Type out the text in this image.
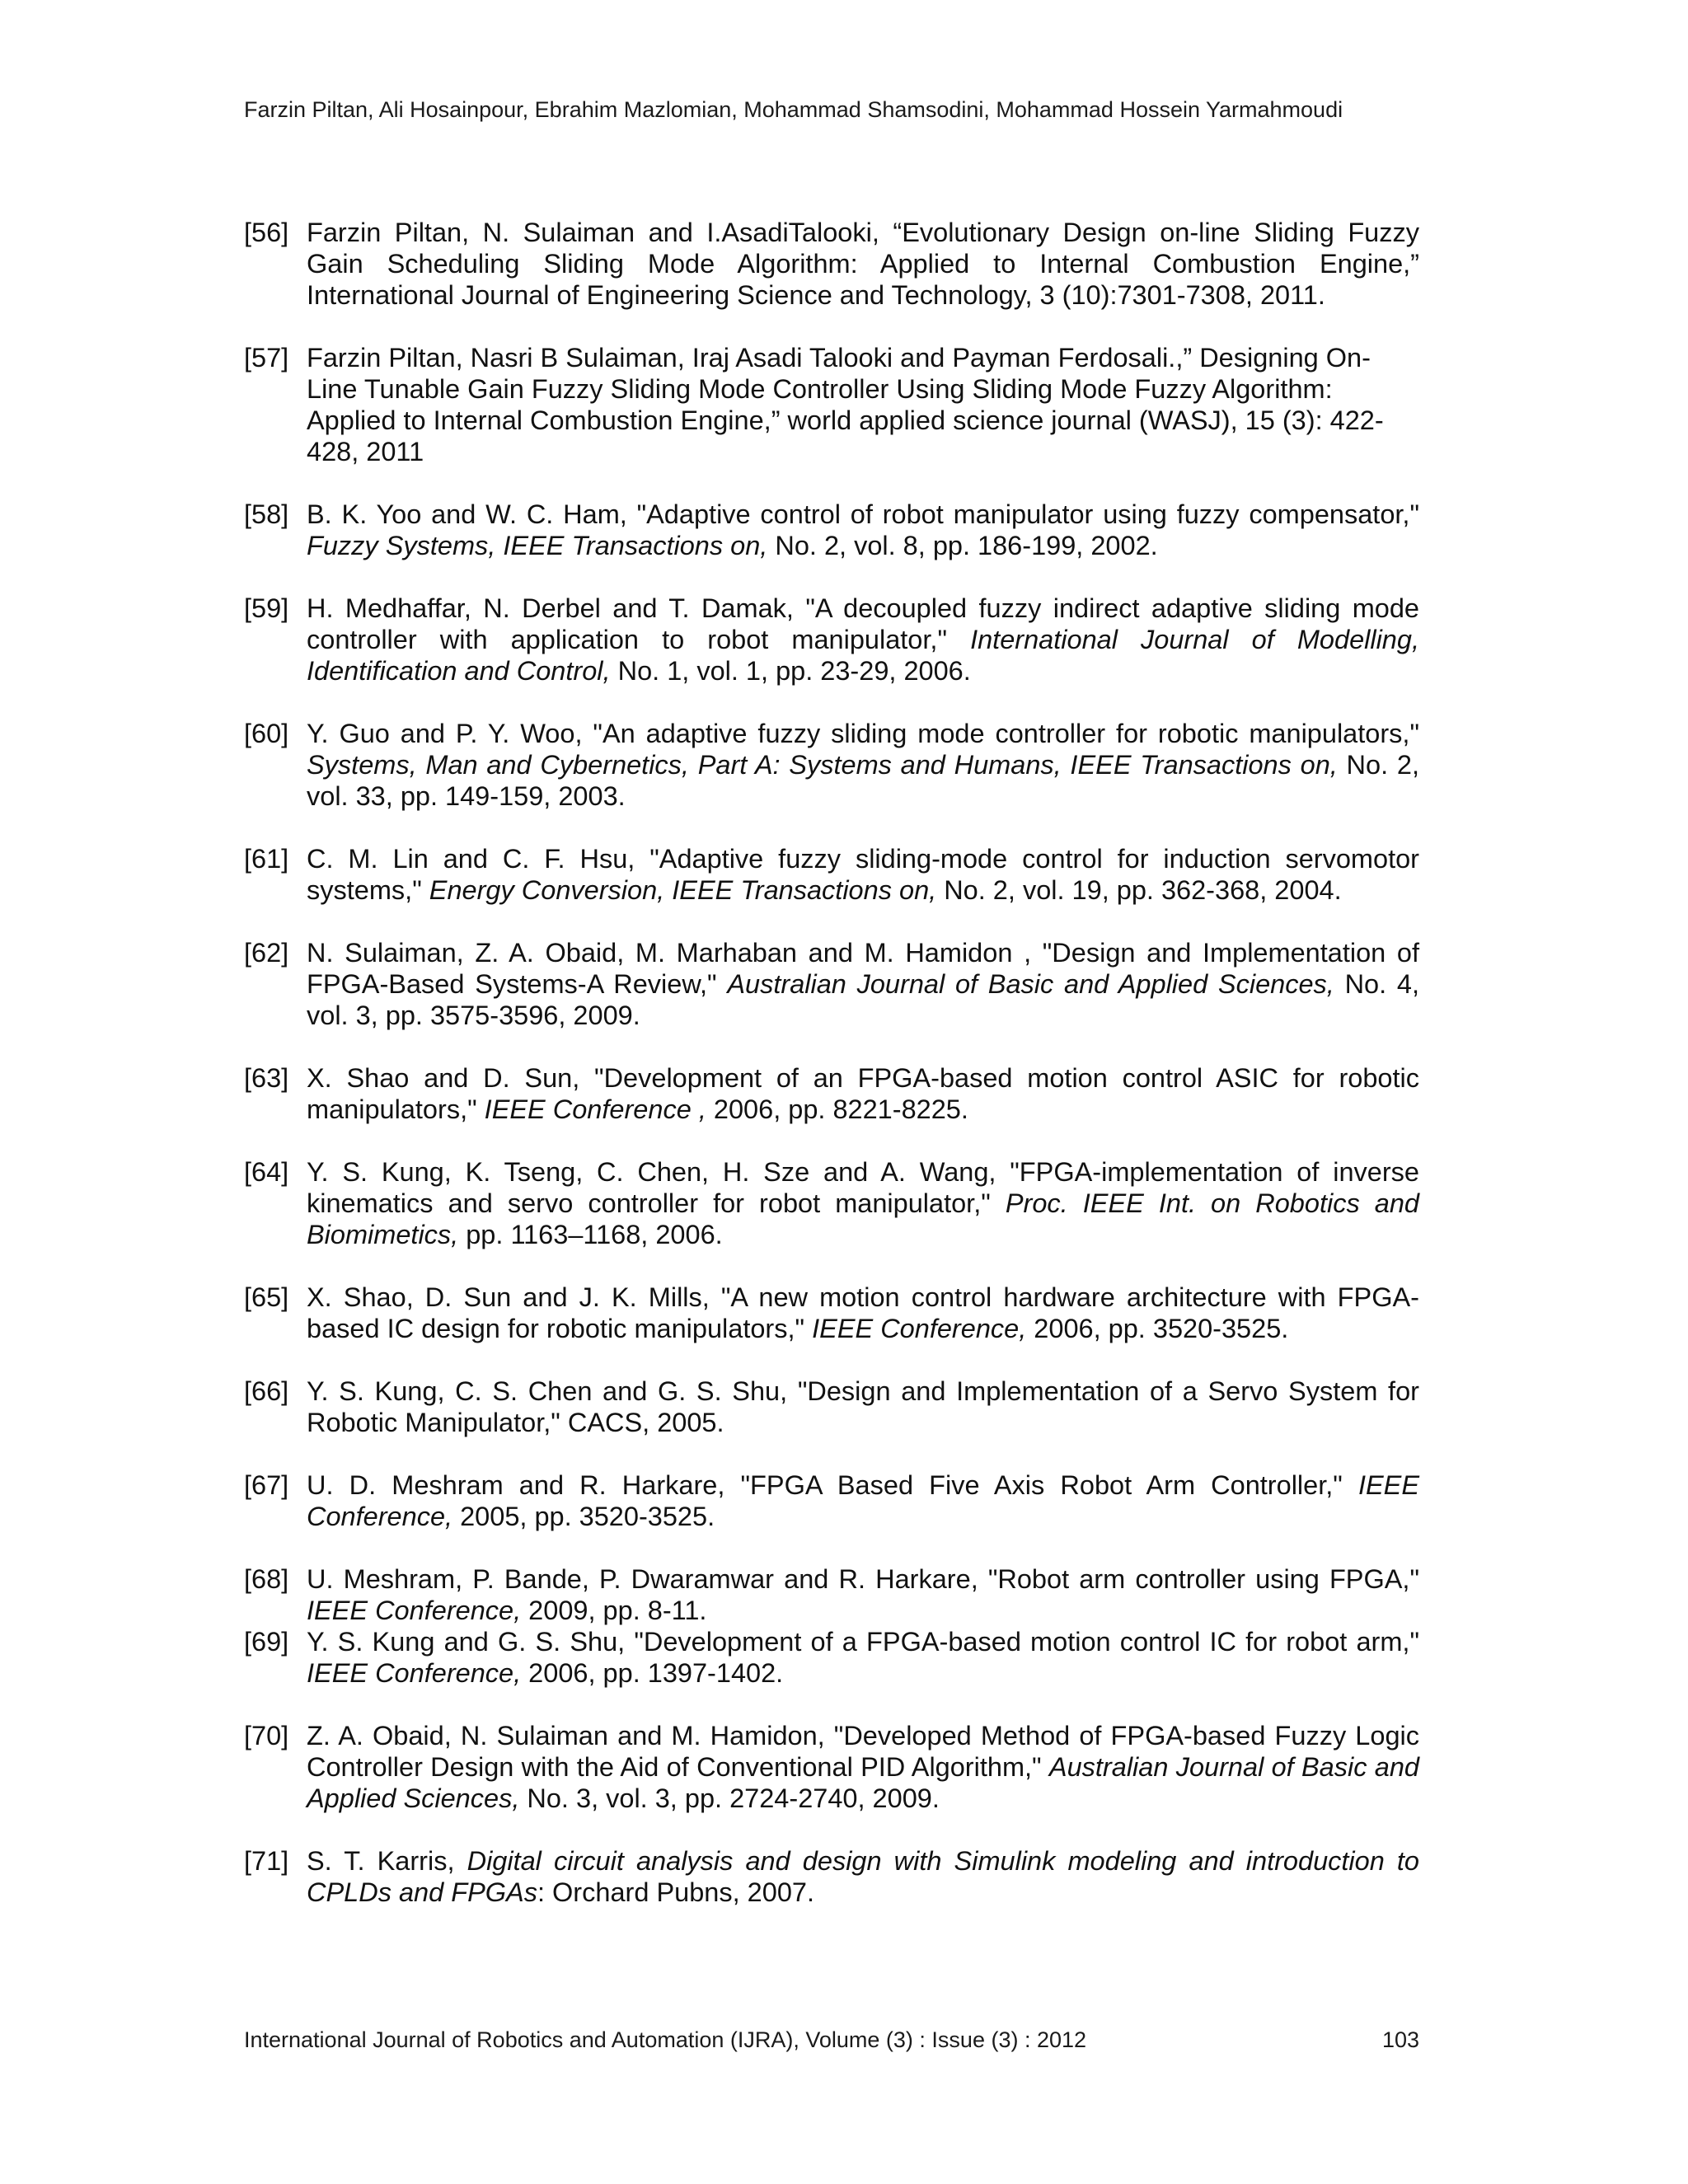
Farzin Piltan, Ali Hosainpour, Ebrahim Mazlomian, Mohammad Shamsodini, Mohammad Hossein Yarmahmoudi
[56] Farzin Piltan, N. Sulaiman and I.AsadiTalooki, “Evolutionary Design on-line Sliding Fuzzy Gain Scheduling Sliding Mode Algorithm: Applied to Internal Combustion Engine,” International Journal of Engineering Science and Technology, 3 (10):7301-7308, 2011.
[57] Farzin Piltan, Nasri B Sulaiman, Iraj Asadi Talooki and Payman Ferdosali.,” Designing On-Line Tunable Gain Fuzzy Sliding Mode Controller Using Sliding Mode Fuzzy Algorithm: Applied to Internal Combustion Engine,” world applied science journal (WASJ), 15 (3): 422-428, 2011
[58] B. K. Yoo and W. C. Ham, "Adaptive control of robot manipulator using fuzzy compensator," Fuzzy Systems, IEEE Transactions on, No. 2, vol. 8, pp. 186-199, 2002.
[59] H. Medhaffar, N. Derbel and T. Damak, "A decoupled fuzzy indirect adaptive sliding mode controller with application to robot manipulator," International Journal of Modelling, Identification and Control, No. 1, vol. 1, pp. 23-29, 2006.
[60] Y. Guo and P. Y. Woo, "An adaptive fuzzy sliding mode controller for robotic manipulators," Systems, Man and Cybernetics, Part A: Systems and Humans, IEEE Transactions on, No. 2, vol. 33, pp. 149-159, 2003.
[61] C. M. Lin and C. F. Hsu, "Adaptive fuzzy sliding-mode control for induction servomotor systems," Energy Conversion, IEEE Transactions on, No. 2, vol. 19, pp. 362-368, 2004.
[62] N. Sulaiman, Z. A. Obaid, M. Marhaban and M. Hamidon , "Design and Implementation of FPGA-Based Systems-A Review," Australian Journal of Basic and Applied Sciences, No. 4, vol. 3, pp. 3575-3596, 2009.
[63] X. Shao and D. Sun, "Development of an FPGA-based motion control ASIC for robotic manipulators," IEEE Conference , 2006, pp. 8221-8225.
[64] Y. S. Kung, K. Tseng, C. Chen, H. Sze and A. Wang, "FPGA-implementation of inverse kinematics and servo controller for robot manipulator," Proc. IEEE Int. on Robotics and Biomimetics, pp. 1163–1168, 2006.
[65] X. Shao, D. Sun and J. K. Mills, "A new motion control hardware architecture with FPGA-based IC design for robotic manipulators," IEEE Conference, 2006, pp. 3520-3525.
[66] Y. S. Kung, C. S. Chen and G. S. Shu, "Design and Implementation of a Servo System for Robotic Manipulator," CACS, 2005.
[67] U. D. Meshram and R. Harkare, "FPGA Based Five Axis Robot Arm Controller," IEEE Conference, 2005, pp. 3520-3525.
[68] U. Meshram, P. Bande, P. Dwaramwar and R. Harkare, "Robot arm controller using FPGA," IEEE Conference, 2009, pp. 8-11.
[69] Y. S. Kung and G. S. Shu, "Development of a FPGA-based motion control IC for robot arm," IEEE Conference, 2006, pp. 1397-1402.
[70] Z. A. Obaid, N. Sulaiman and M. Hamidon, "Developed Method of FPGA-based Fuzzy Logic Controller Design with the Aid of Conventional PID Algorithm," Australian Journal of Basic and Applied Sciences, No. 3, vol. 3, pp. 2724-2740, 2009.
[71] S. T. Karris, Digital circuit analysis and design with Simulink modeling and introduction to CPLDs and FPGAs: Orchard Pubns, 2007.
International Journal of Robotics and Automation (IJRA), Volume (3) : Issue (3) : 2012	103
